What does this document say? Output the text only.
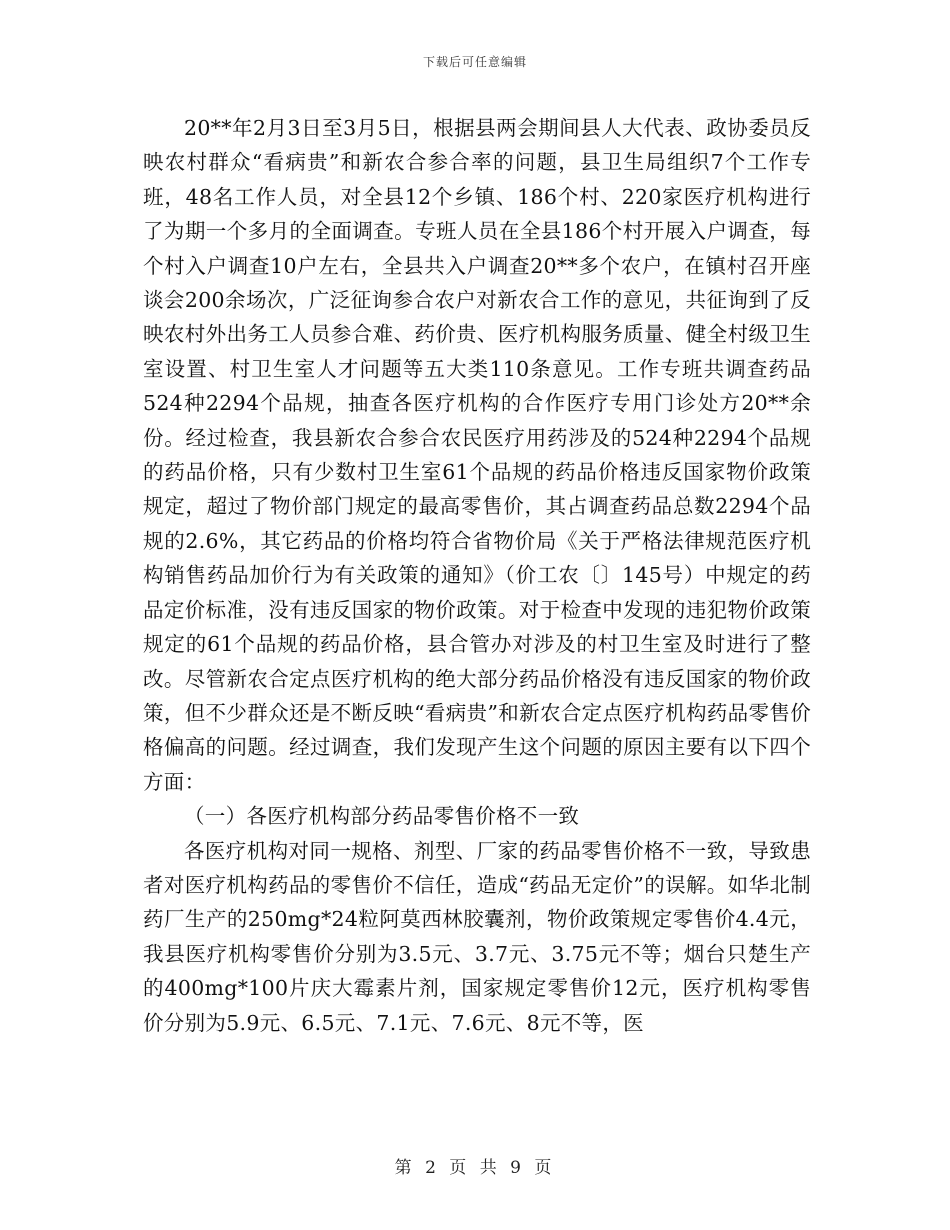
下载后可任意编辑

20**年2月3日至3月5日，根据县两会期间县人大代表、政协委员反映农村群众“看病贵”和新农合参合率的问题，县卫生局组织7个工作专班，48名工作人员，对全县12个乡镇、186个村、220家医疗机构进行了为期一个多月的全面调查。专班人员在全县186个村开展入户调查，每个村入户调查10户左右，全县共入户调查20**多个农户，在镇村召开座谈会200余场次，广泛征询参合农户对新农合工作的意见，共征询到了反映农村外出务工人员参合难、药价贵、医疗机构服务质量、健全村级卫生室设置、村卫生室人才问题等五大类110条意见。工作专班共调查药品524种2294个品规，抽查各医疗机构的合作医疗专用门诊处方20**余份。经过检查，我县新农合参合农民医疗用药涉及的524种2294个品规的药品价格，只有少数村卫生室61个品规的药品价格违反国家物价政策规定，超过了物价部门规定的最高零售价，其占调查药品总数2294个品规的2.6%，其它药品的价格均符合省物价局《关于严格法律规范医疗机构销售药品加价行为有关政策的通知》（价工农〔〕145号）中规定的药品定价标准，没有违反国家的物价政策。对于检查中发现的违犯物价政策规定的61个品规的药品价格，县合管办对涉及的村卫生室及时进行了整改。尽管新农合定点医疗机构的绝大部分药品价格没有违反国家的物价政策，但不少群众还是不断反映“看病贵”和新农合定点医疗机构药品零售价格偏高的问题。经过调查，我们发现产生这个问题的原因主要有以下四个方面：

（一）各医疗机构部分药品零售价格不一致

各医疗机构对同一规格、剂型、厂家的药品零售价格不一致，导致患者对医疗机构药品的零售价不信任，造成“药品无定价”的误解。如华北制药厂生产的250mg*24粒阿莫西林胶囊剂，物价政策规定零售价4.4元，我县医疗机构零售价分别为3.5元、3.7元、3.75元不等；烟台只楚生产的400mg*100片庆大霉素片剂，国家规定零售价12元，医疗机构零售价分别为5.9元、6.5元、7.1元、7.6元、8元不等，医

第 2 页 共 9 页
